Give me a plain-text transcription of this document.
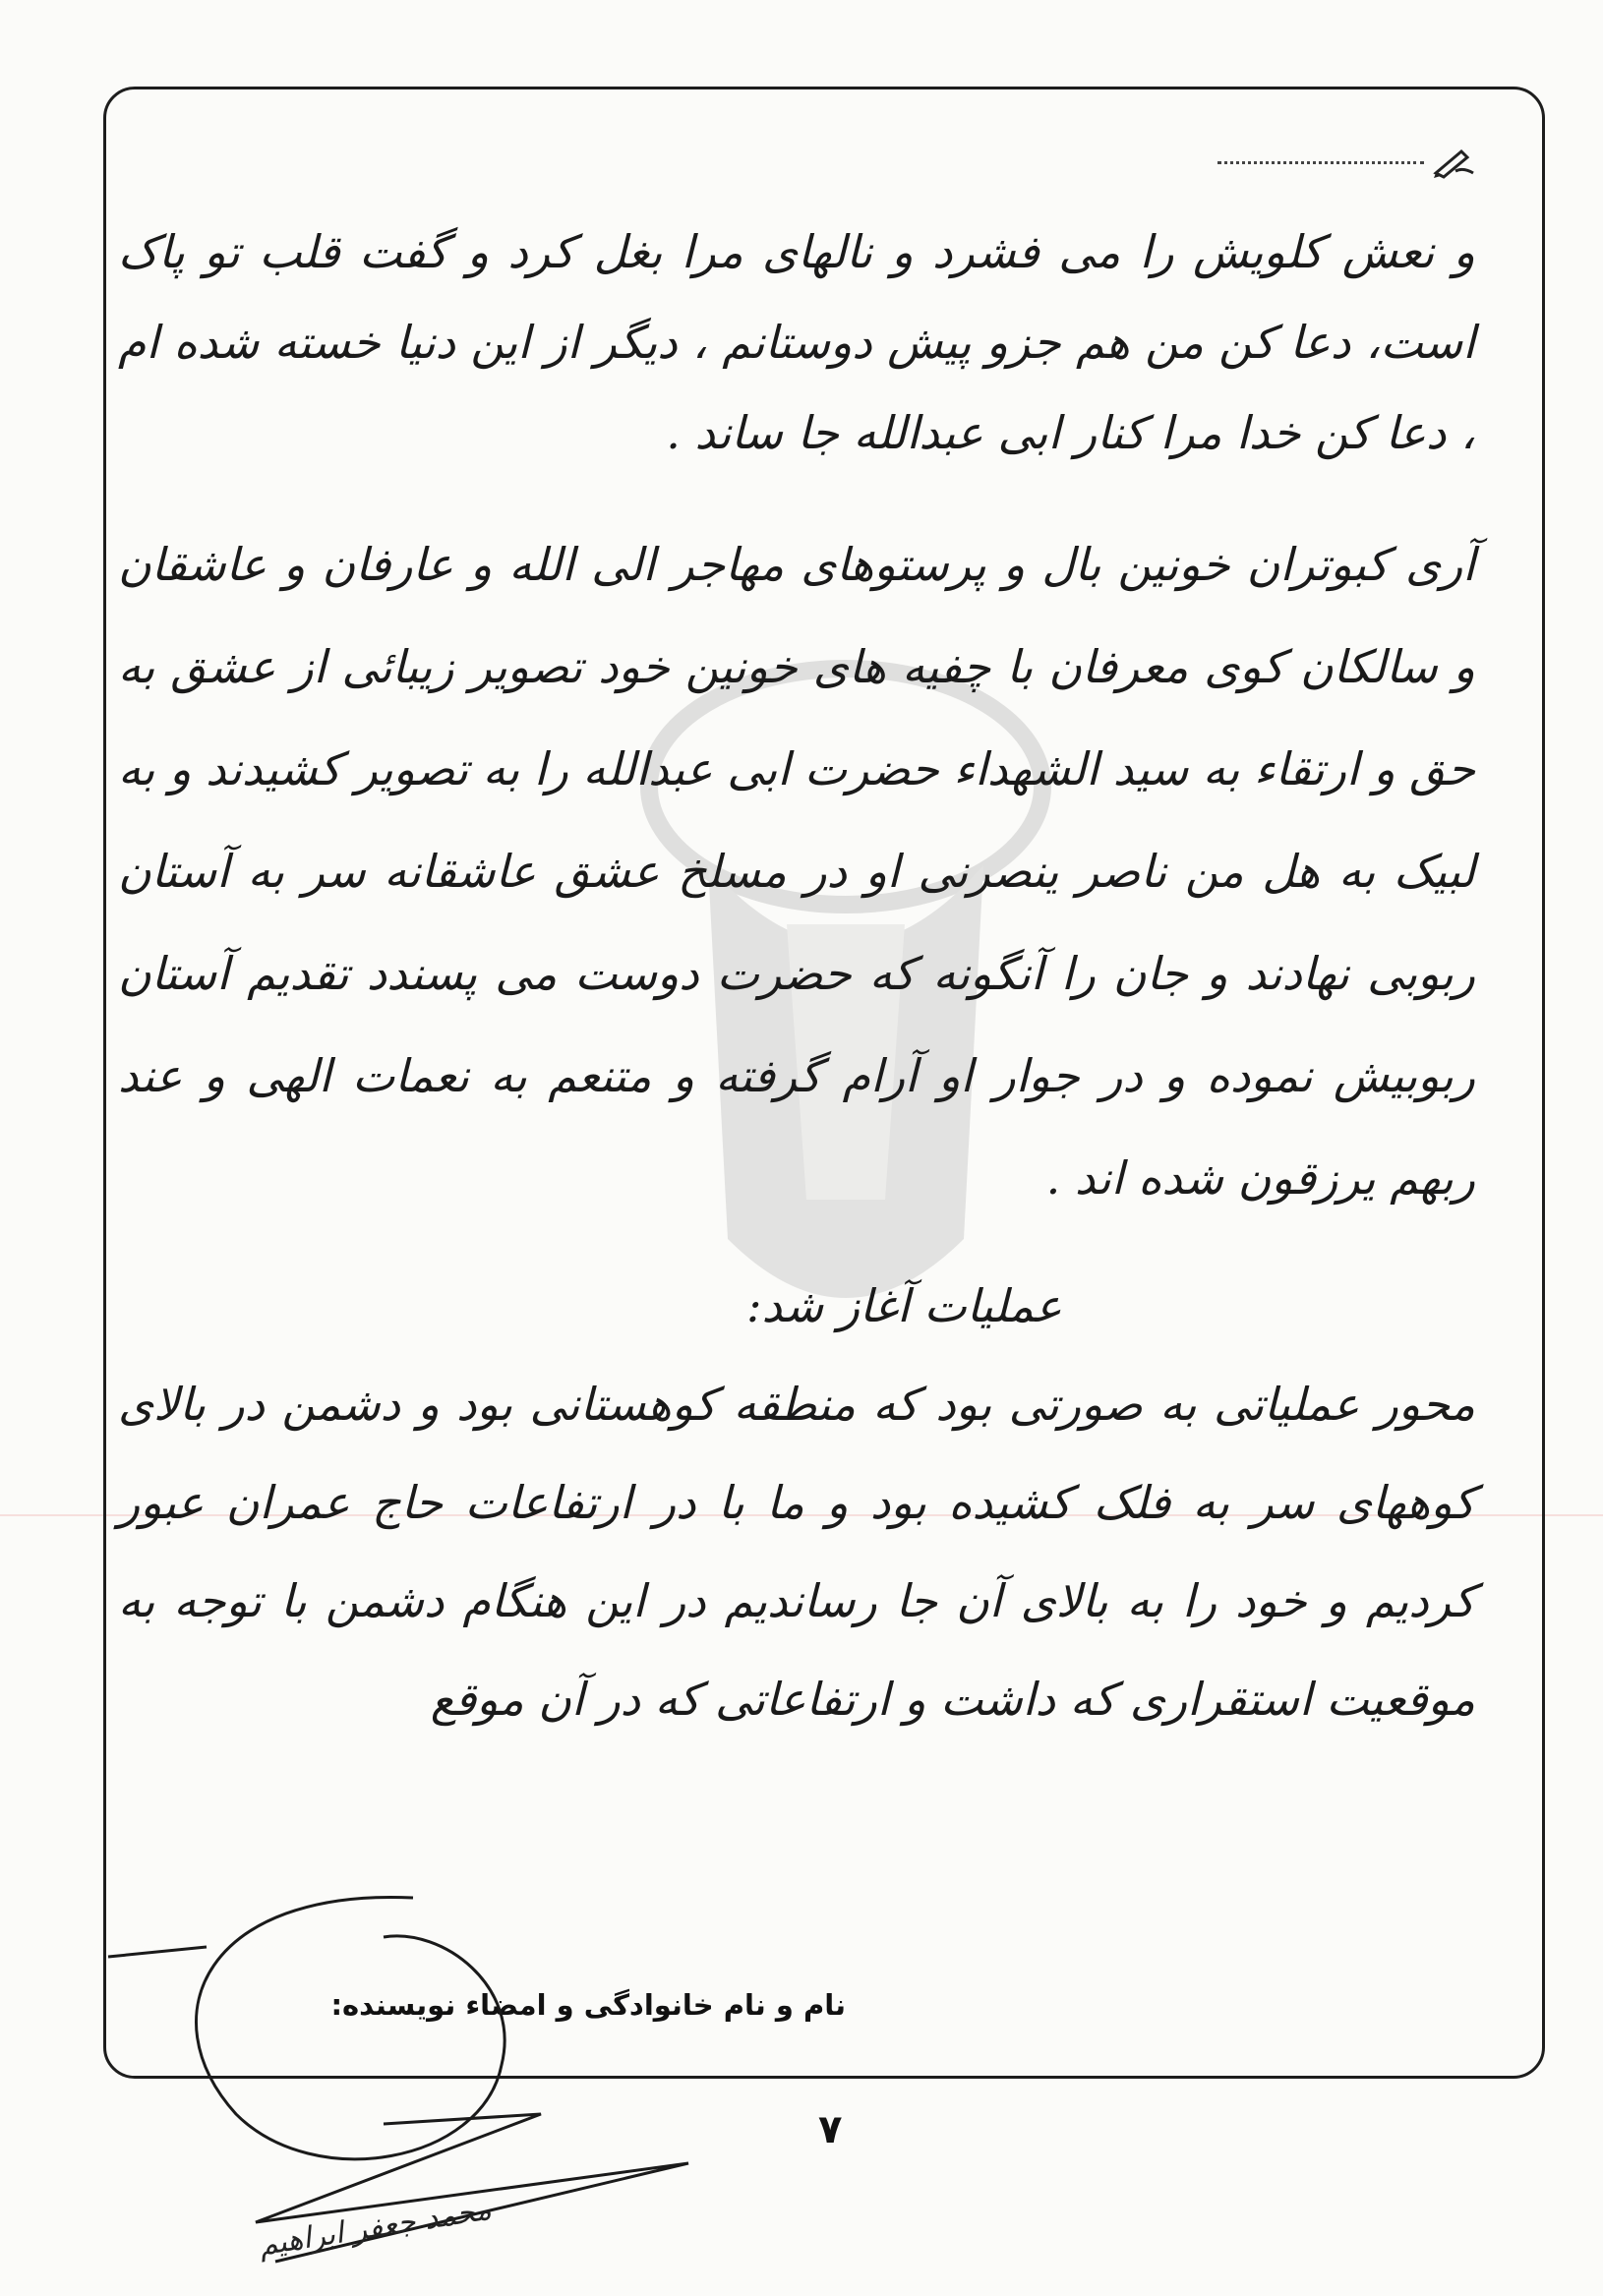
و نعش کلویش را می فشرد و نالهای مرا بغل کرد و گفت قلب تو پاک است، دعا کن من هم جزو پیش دوستانم ، دیگر از این دنیا خسته شده ام ، دعا کن خدا مرا کنار ابی عبدالله جا ساند .

آری کبوتران خونین بال و پرستوهای مهاجر الی الله و عارفان و عاشقان و سالکان کوی معرفان با چفیه های خونین خود تصویر زیبائی از عشق به حق و ارتقاء به سید الشهداء حضرت ابی عبدالله را به تصویر کشیدند و به لبیک به هل من ناصر ینصرنی او در مسلخ عشق عاشقانه سر به آستان ربوبی نهادند و جان را آنگونه که حضرت دوست می پسندد تقدیم آستان ربوبیش نموده و در جوار او آرام گرفته و متنعم به نعمات الهی و عند ربهم یرزقون شده اند .

عملیات آغاز شد:

محور عملیاتی به صورتی بود که منطقه کوهستانی بود و دشمن در بالای کوههای سر به فلک کشیده بود و ما با در ارتفاعات حاج عمران عبور کردیم و خود را به بالای آن جا رساندیم در این هنگام دشمن با توجه به موقعیت استقراری که داشت و ارتفاعاتی که در آن موقع

نام و نام خانوادگی و امضاء نویسنده:
۷
محمد جعفر ابراهیم
